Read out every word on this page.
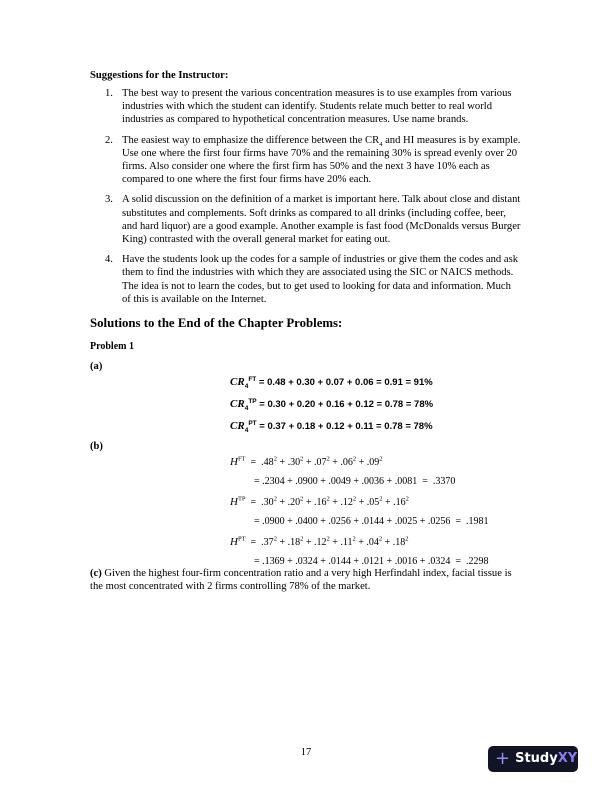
Suggestions for the Instructor:
1. The best way to present the various concentration measures is to use examples from various industries with which the student can identify. Students relate much better to real world industries as compared to hypothetical concentration measures. Use name brands.
2. The easiest way to emphasize the difference between the $CR_4$ and HI measures is by example. Use one where the first four firms have 70% and the remaining 30% is spread evenly over 20 firms. Also consider one where the first firm has 50% and the next 3 have 10% each as compared to one where the first four firms have 20% each.
3. A solid discussion on the definition of a market is important here. Talk about close and distant substitutes and complements. Soft drinks as compared to all drinks (including coffee, beer, and hard liquor) are a good example. Another example is fast food (McDonalds versus Burger King) contrasted with the overall general market for eating out.
4. Have the students look up the codes for a sample of industries or give them the codes and ask them to find the industries with which they are associated using the SIC or NAICS methods. The idea is not to learn the codes, but to get used to looking for data and information. Much of this is available on the Internet.
Solutions to the End of the Chapter Problems:
Problem 1
(a)
$CR_4^{FT} = 0.48 + 0.30 + 0.07 + 0.06 = 0.91 = 91\%$
$CR_4^{TP} = 0.30 + 0.20 + 0.16 + 0.12 = 0.78 = 78\%$
$CR_4^{PT} = 0.37 + 0.18 + 0.12 + 0.11 = 0.78 = 78\%$
(b)
$H^{FT} = .48^2 + .30^2 + .07^2 + .06^2 + .09^2$
= .2304 + .0900 + .0049 + .0036 + .0081  =  .3370
$H^{TP} = .30^2 + .20^2 + .16^2 + .12^2 + .05^2 + .16^2$
= .0900 + .0400 + .0256 + .0144 + .0025 + .0256  =  .1981
$H^{PT} = .37^2 + .18^2 + .12^2 + .11^2 + .04^2 + .18^2$
= .1369 + .0324 + .0144 + .0121 + .0016 + .0324  =  .2298
(c) Given the highest four-firm concentration ratio and a very high Herfindahl index, facial tissue is the most concentrated with 2 firms controlling 78% of the market.
17	+ StudyXY
